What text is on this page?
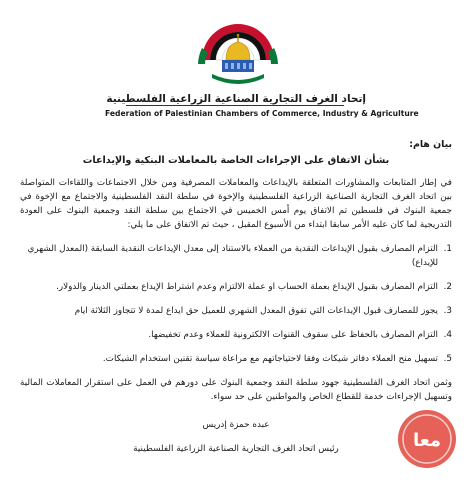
إتحاد الغرف التجارية الصناعية الزراعية الفلسطينية
Federation of Palestinian Chambers of Commerce, Industry & Agriculture

بيان هام:

بشأن الاتفاق على الإجراءات الخاصة بالمعاملات البنكية والإيداعات

في إطار المتابعات والمشاورات المتعلقة بالإيداعات والمعاملات المصرفية ومن خلال الاجتماعات واللقاءات المتواصلة بين اتحاد الغرف التجارية الصناعية الزراعية الفلسطينية والإخوة في سلطة النقد الفلسطينية والاجتماع مع الإخوة في جمعية البنوك في فلسطين تم الاتفاق يوم أمس الخميس في الاجتماع بين سلطة النقد وجمعية البنوك على العودة التدريجية لما كان عليه الأمر سابقا ابتداء من الأسبوع المقبل ، حيث تم الاتفاق على ما يلي:

1.
التزام المصارف بقبول الإيداعات النقدية من العملاء بالاستناد إلى معدل الإيداعات النقدية السابقة (المعدل الشهري للإيداع)
2.
التزام المصارف بقبول الإيداع بعملة الحساب او عملة الالتزام وعدم اشتراط الإيداع بعملتي الدينار والدولار.
3.
يجوز للمصارف قبول الإيداعات التي تفوق المعدل الشهري للعميل حق ايداع لمدة لا تتجاوز الثلاثة ايام
4.
التزام المصارف بالحفاظ على سقوف القنوات الالكترونية للعملاء وعدم تخفيضها.
5.
تسهيل منح العملاء دفاتر شيكات وفقا لاحتياجاتهم مع مراعاة سياسة تقنين استخدام الشيكات.

وثمن اتحاد الغرف الفلسطينية جهود سلطة النقد وجمعية البنوك على دورهم في العمل على استقرار المعاملات المالية وتسهيل الإجراءات خدمة للقطاع الخاص والمواطنين على حد سواء.

عبده حمزة إدريس

رئيس اتحاد الغرف التجارية الصناعية الزراعية الفلسطينية	معا
